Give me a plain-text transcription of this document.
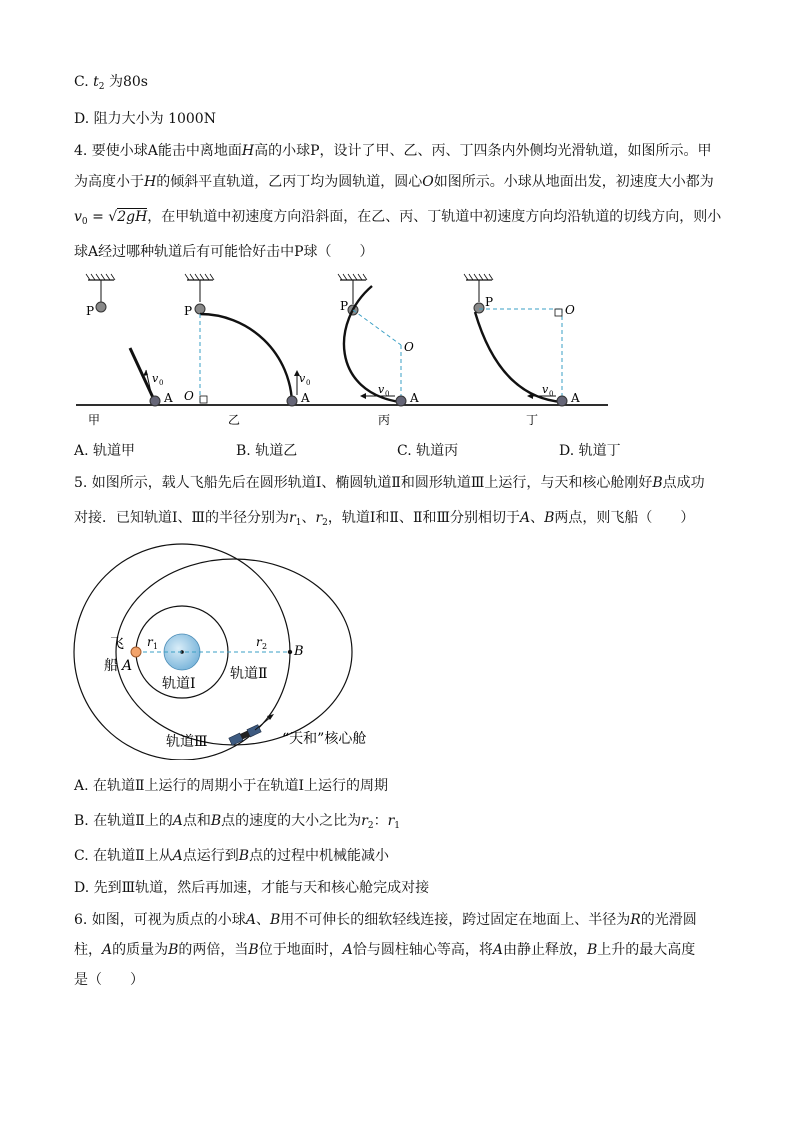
C. $t_2$ 为80s
D. 阻力大小为 1000N
4. 要使小球A能击中离地面H高的小球P，设计了甲、乙、丙、丁四条内外侧均光滑轨道，如图所示。甲
为高度小于H的倾斜平直轨道，乙丙丁均为圆轨道，圆心O如图所示。小球从地面出发，初速度大小都为
$v_0 = √2gH$，在甲轨道中初速度方向沿斜面，在乙、丙、丁轨道中初速度方向均沿轨道的切线方向，则小
球A经过哪种轨道后有可能恰好击中P球（　　）
P
v 0
A
甲
P
O
v 0
A
乙
P
O
v 0 A
丙
P
O
v 0 A
丁
A. 轨道甲	B. 轨道乙	C. 轨道丙	D. 轨道丁
5. 如图所示，载人飞船先后在圆形轨道Ⅰ、椭圆轨道Ⅱ和圆形轨道Ⅲ上运行，与天和核心舱刚好B点成功
对接．已知轨道Ⅰ、Ⅲ的半径分别为$r_1$、$r_2$，轨道Ⅰ和Ⅱ、Ⅱ和Ⅲ分别相切于A、B两点，则飞船（　　）
飞
船 A
B
r 1	r 2
轨道Ⅰ
轨道Ⅱ
轨道Ⅲ	“天和”核心舱
A. 在轨道Ⅱ上运行的周期小于在轨道Ⅰ上运行的周期
B. 在轨道Ⅱ上的A点和B点的速度的大小之比为$r_2$：$r_1$
C. 在轨道Ⅱ上从A点运行到B点的过程中机械能减小
D. 先到Ⅲ轨道，然后再加速，才能与天和核心舱完成对接
6. 如图，可视为质点的小球A、B用不可伸长的细软轻线连接，跨过固定在地面上、半径为R的光滑圆
柱，A的质量为B的两倍，当B位于地面时，A恰与圆柱轴心等高，将A由静止释放，B上升的最大高度
是（　　）
